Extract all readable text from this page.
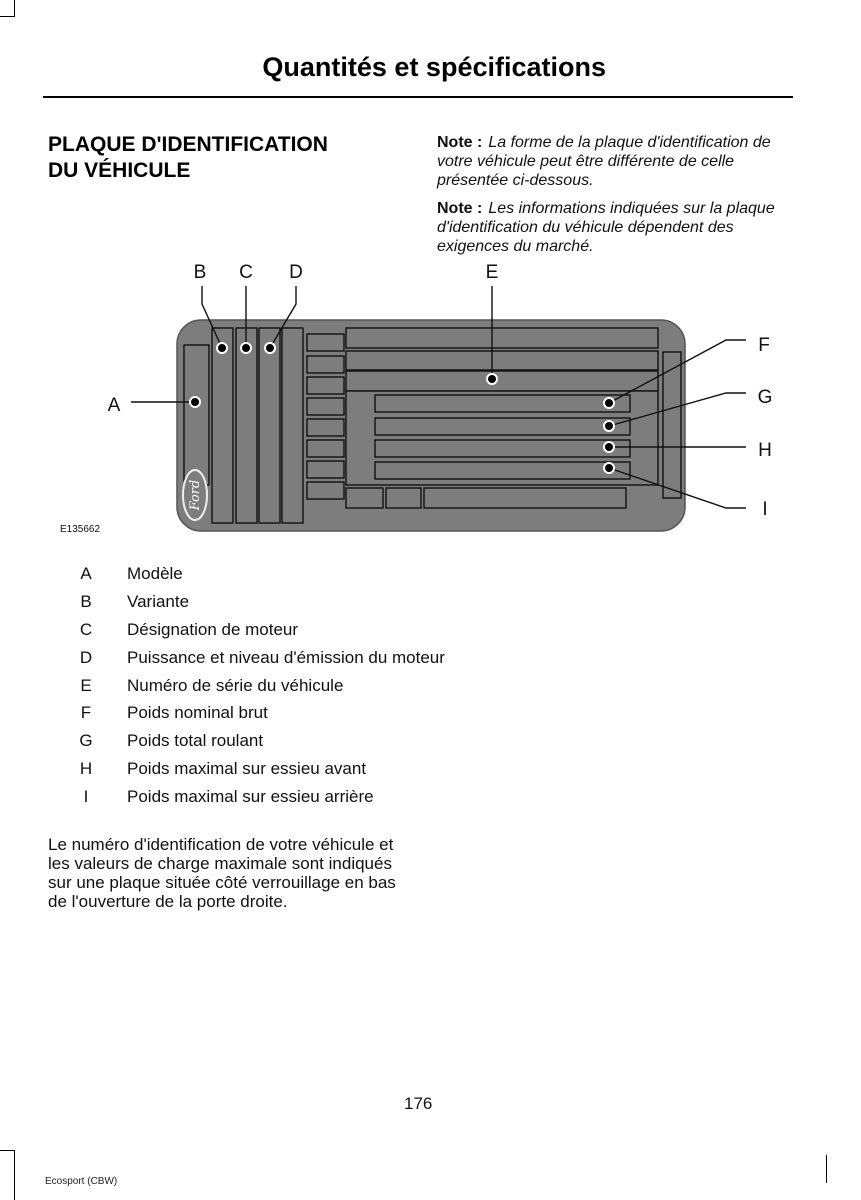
Quantités et spécifications
PLAQUE D'IDENTIFICATION
DU VÉHICULE
Note : La forme de la plaque d'identification de votre véhicule peut être différente de celle présentée ci-dessous.
Note : Les informations indiquées sur la plaque d'identification du véhicule dépendent des exigences du marché.
B C D	E
A
F
G
H
I
Ford
E135662
A	Modèle
B	Variante
C	Désignation de moteur
D	Puissance et niveau d'émission du moteur
E	Numéro de série du véhicule
F	Poids nominal brut
G	Poids total roulant
H	Poids maximal sur essieu avant
I	Poids maximal sur essieu arrière
Le numéro d'identification de votre véhicule et les valeurs de charge maximale sont indiqués sur une plaque située côté verrouillage en bas de l'ouverture de la porte droite.
176
Ecosport (CBW)
